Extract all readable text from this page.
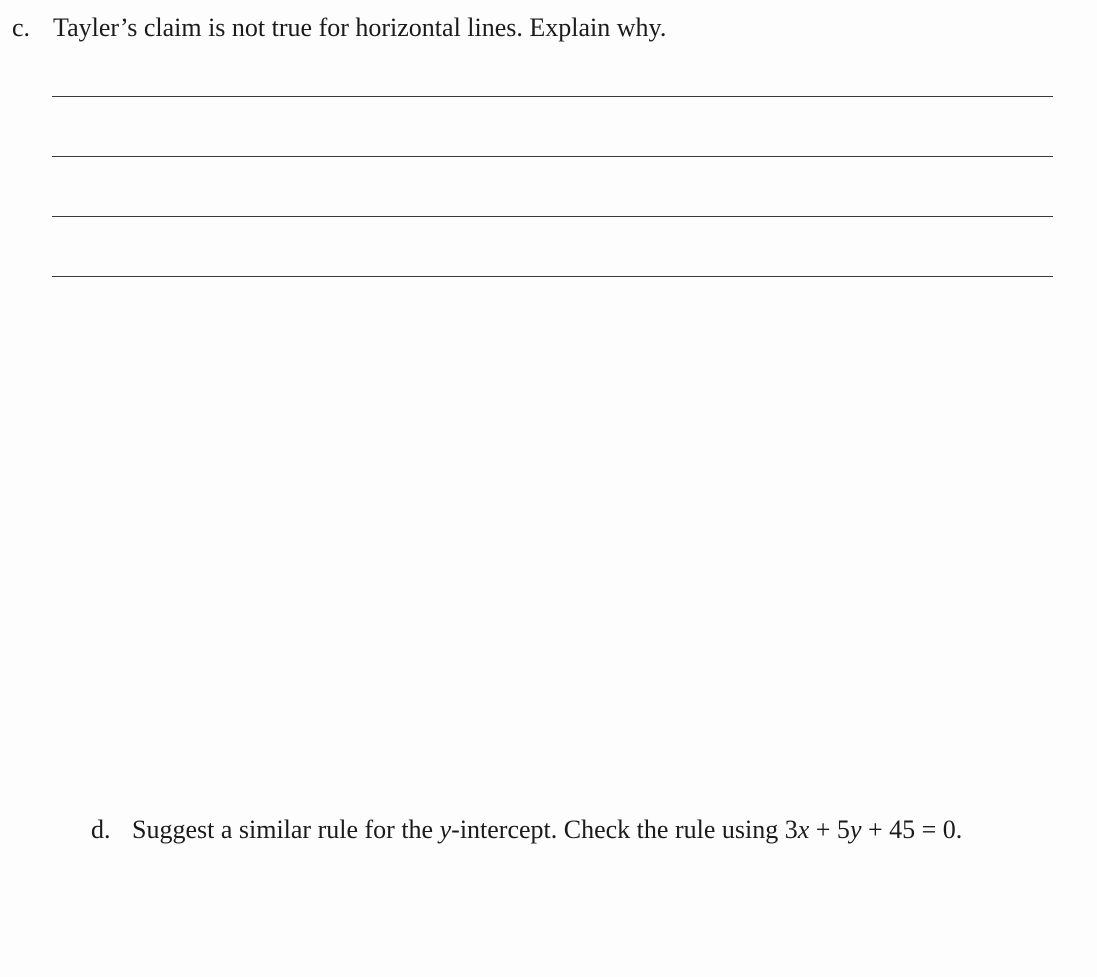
c. Tayler’s claim is not true for horizontal lines. Explain why.
d. Suggest a similar rule for the y-intercept. Check the rule using 3x + 5y + 45 = 0.
